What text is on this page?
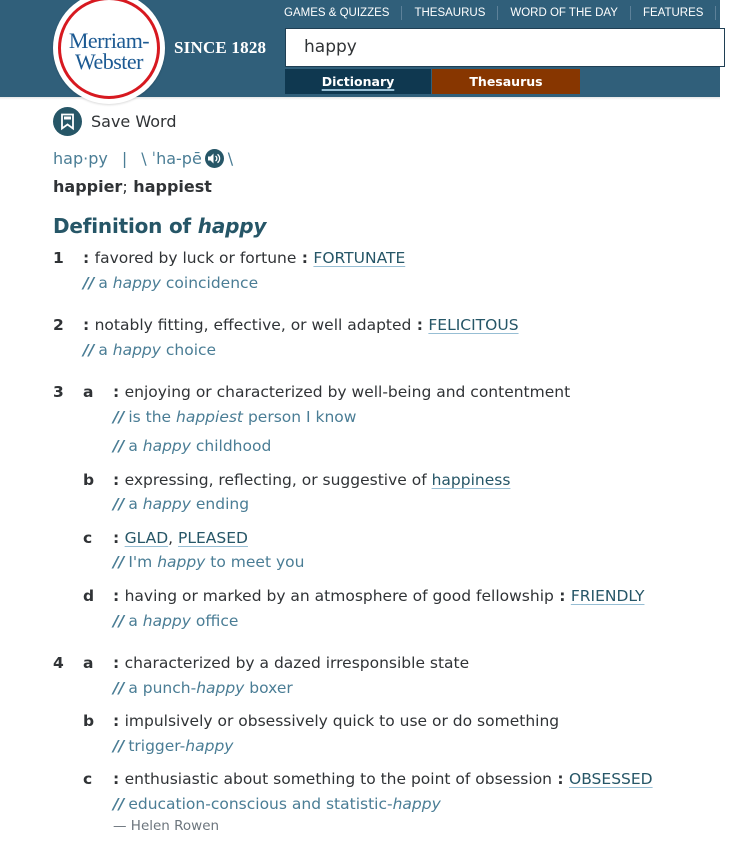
GAMES & QUIZZES THESAURUS WORD OF THE DAY FEATURES SH
SINCE 1828
happy
Dictionary	Thesaurus
Merriam-
Webster
Save Word
hap·py | \ ˈha-pē \
happier; happiest
Definition of happy
1 : favored by luck or fortune : FORTUNATE
// a happy coincidence
2 : notably fitting, effective, or well adapted : FELICITOUS
// a happy choice
3 a : enjoying or characterized by well-being and contentment
// is the happiest person I know
// a happy childhood
b : expressing, reflecting, or suggestive of happiness
// a happy ending
c : GLAD, PLEASED
// I'm happy to meet you
d : having or marked by an atmosphere of good fellowship : FRIENDLY
// a happy office
4 a : characterized by a dazed irresponsible state
// a punch-happy boxer
b : impulsively or obsessively quick to use or do something
// trigger-happy
c : enthusiastic about something to the point of obsession : OBSESSED
// education-conscious and statistic-happy
— Helen Rowen
